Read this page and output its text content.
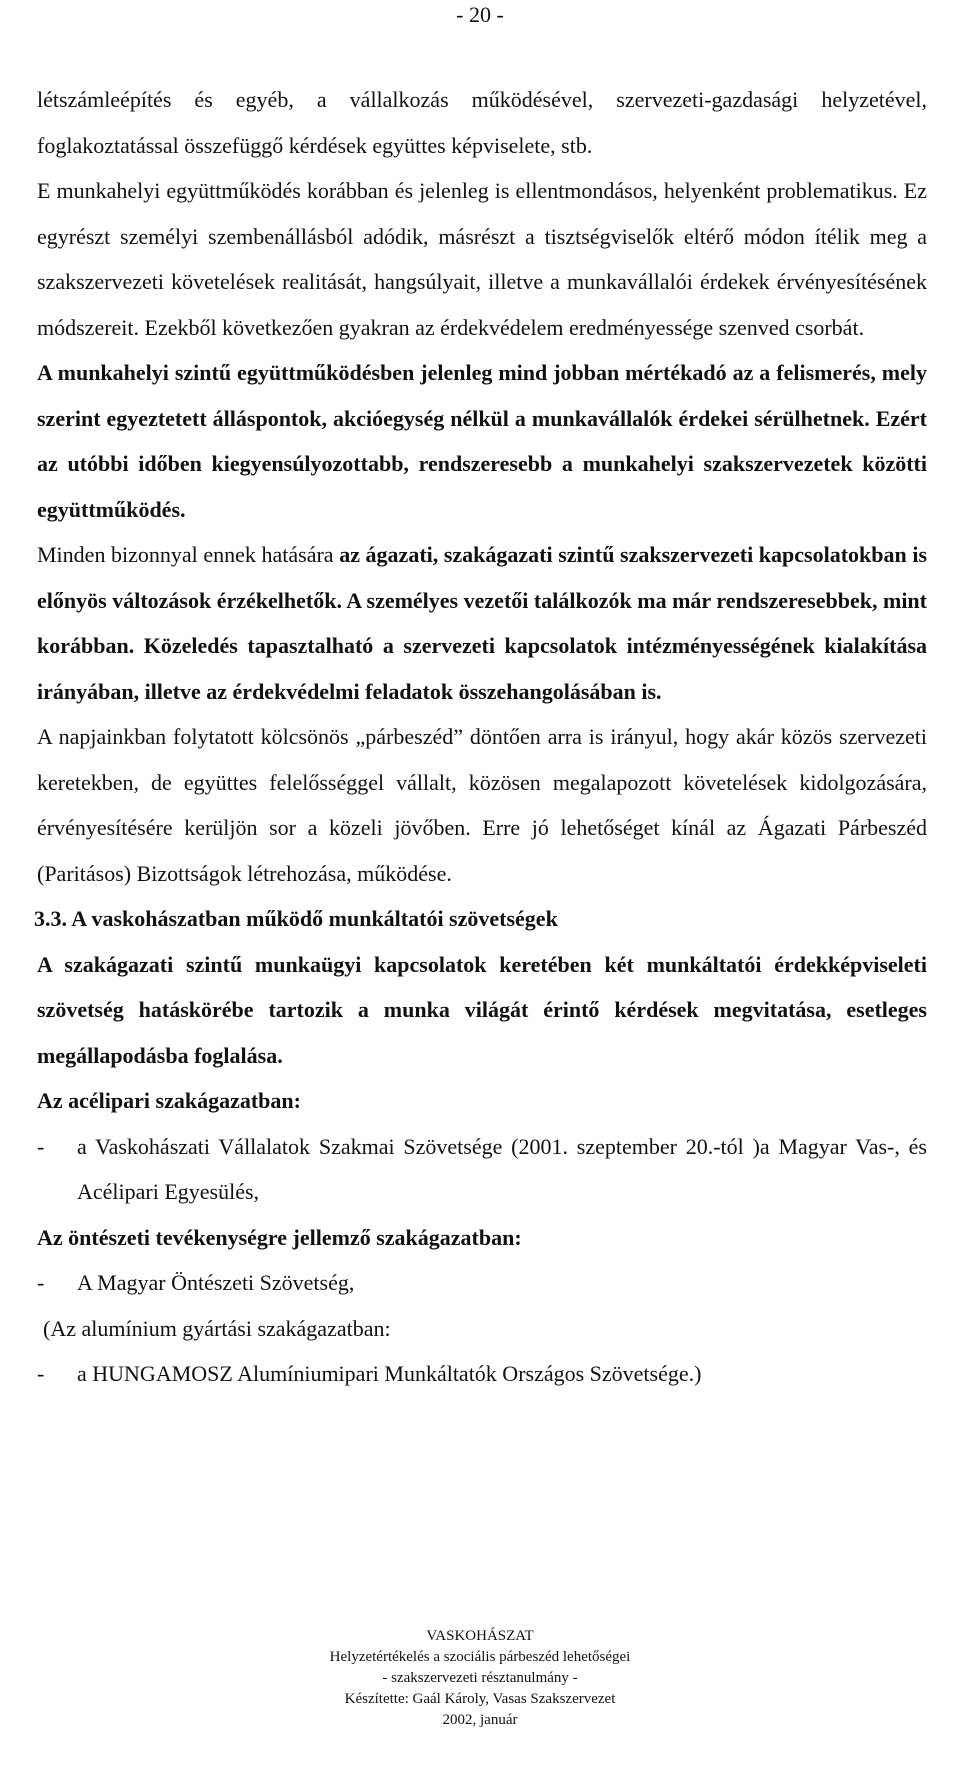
- 20 -

létszámleépítés és egyéb, a vállalkozás működésével, szervezeti-gazdasági helyzetével, foglakoztatással összefüggő kérdések együttes képviselete, stb.

E munkahelyi együttműködés korábban és jelenleg is ellentmondásos, helyenként problematikus. Ez egyrészt személyi szembenállásból adódik, másrészt a tisztségviselők eltérő módon ítélik meg a szakszervezeti követelések realitását, hangsúlyait, illetve a munkavállalói érdekek érvényesítésének módszereit. Ezekből következően gyakran az érdekvédelem eredményessége szenved csorbát.

A munkahelyi szintű együttműködésben jelenleg mind jobban mértékadó az a felismerés, mely szerint egyeztetett álláspontok, akcióegység nélkül a munkavállalók érdekei sérülhetnek. Ezért az utóbbi időben kiegyensúlyozottabb, rendszeresebb a munkahelyi szakszervezetek közötti együttműködés.

Minden bizonnyal ennek hatására az ágazati, szakágazati szintű szakszervezeti kapcsolatokban is előnyös változások érzékelhetők. A személyes vezetői találkozók ma már rendszeresebbek, mint korábban. Közeledés tapasztalható a szervezeti kapcsolatok intézményességének kialakítása irányában, illetve az érdekvédelmi feladatok összehangolásában is.

A napjainkban folytatott kölcsönös „párbeszéd” döntően arra is irányul, hogy akár közös szervezeti keretekben, de együttes felelősséggel vállalt, közösen megalapozott követelések kidolgozására, érvényesítésére kerüljön sor a közeli jövőben. Erre jó lehetőséget kínál az Ágazati Párbeszéd (Paritásos) Bizottságok létrehozása, működése.

3.3. A vaskohászatban működő munkáltatói szövetségek

A szakágazati szintű munkaügyi kapcsolatok keretében két munkáltatói érdekképviseleti szövetség hatáskörébe tartozik a munka világát érintő kérdések megvitatása, esetleges megállapodásba foglalása.

Az acélipari szakágazatban:

-	a Vaskohászati Vállalatok Szakmai Szövetsége (2001. szeptember 20.-tól )a Magyar Vas-, és Acélipari Egyesülés,

Az öntészeti tevékenységre jellemző szakágazatban:

-	A Magyar Öntészeti Szövetség,

(Az alumínium gyártási szakágazatban:

-	a HUNGAMOSZ Alumíniumipari Munkáltatók Országos Szövetsége.)
VASKOHÁSZAT
Helyzetértékelés a szociális párbeszéd lehetőségei
- szakszervezeti résztanulmány -
Készítette: Gaál Károly, Vasas Szakszervezet
2002, január
